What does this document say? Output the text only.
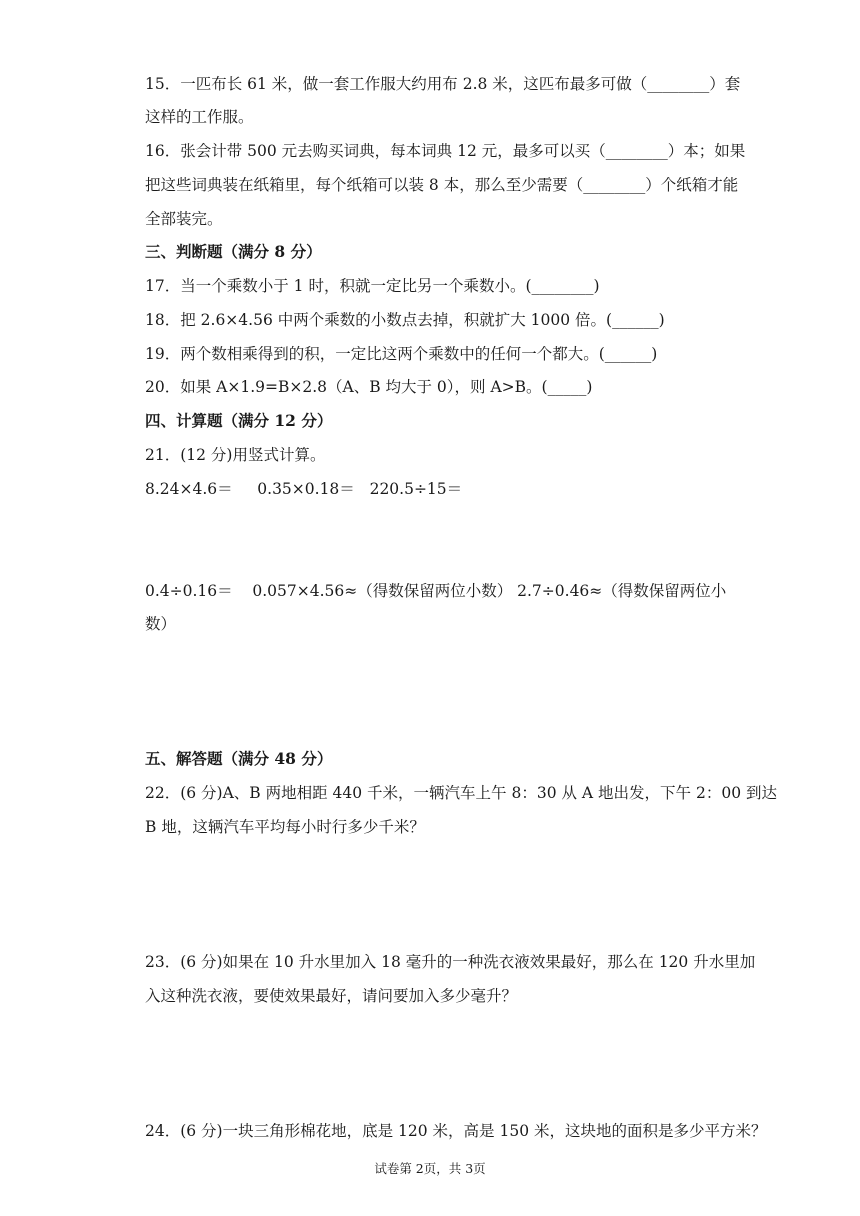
15．一匹布长 61 米，做一套工作服大约用布 2.8 米，这匹布最多可做（________）套
这样的工作服。
16．张会计带 500 元去购买词典，每本词典 12 元，最多可以买（________）本；如果
把这些词典装在纸箱里，每个纸箱可以装 8 本，那么至少需要（________）个纸箱才能
全部装完。
三、判断题（满分 8 分）
17．当一个乘数小于 1 时，积就一定比另一个乘数小。(________)
18．把 2.6×4.56 中两个乘数的小数点去掉，积就扩大 1000 倍。(______)
19．两个数相乘得到的积，一定比这两个乘数中的任何一个都大。(______)
20．如果 A×1.9=B×2.8（A、B 均大于 0），则 A>B。(_____)
四、计算题（满分 12 分）
21．(12 分)用竖式计算。
8.24×4.6＝     0.35×0.18＝   220.5÷15＝
0.4÷0.16＝    0.057×4.56≈（得数保留两位小数） 2.7÷0.46≈（得数保留两位小
数）
五、解答题（满分 48 分）
22．(6 分)A、B 两地相距 440 千米，一辆汽车上午 8：30 从 A 地出发，下午 2：00 到达
B 地，这辆汽车平均每小时行多少千米？
23．(6 分)如果在 10 升水里加入 18 毫升的一种洗衣液效果最好，那么在 120 升水里加
入这种洗衣液，要使效果最好，请问要加入多少毫升？
24．(6 分)一块三角形棉花地，底是 120 米，高是 150 米，这块地的面积是多少平方米？
试卷第 2页，共 3页
